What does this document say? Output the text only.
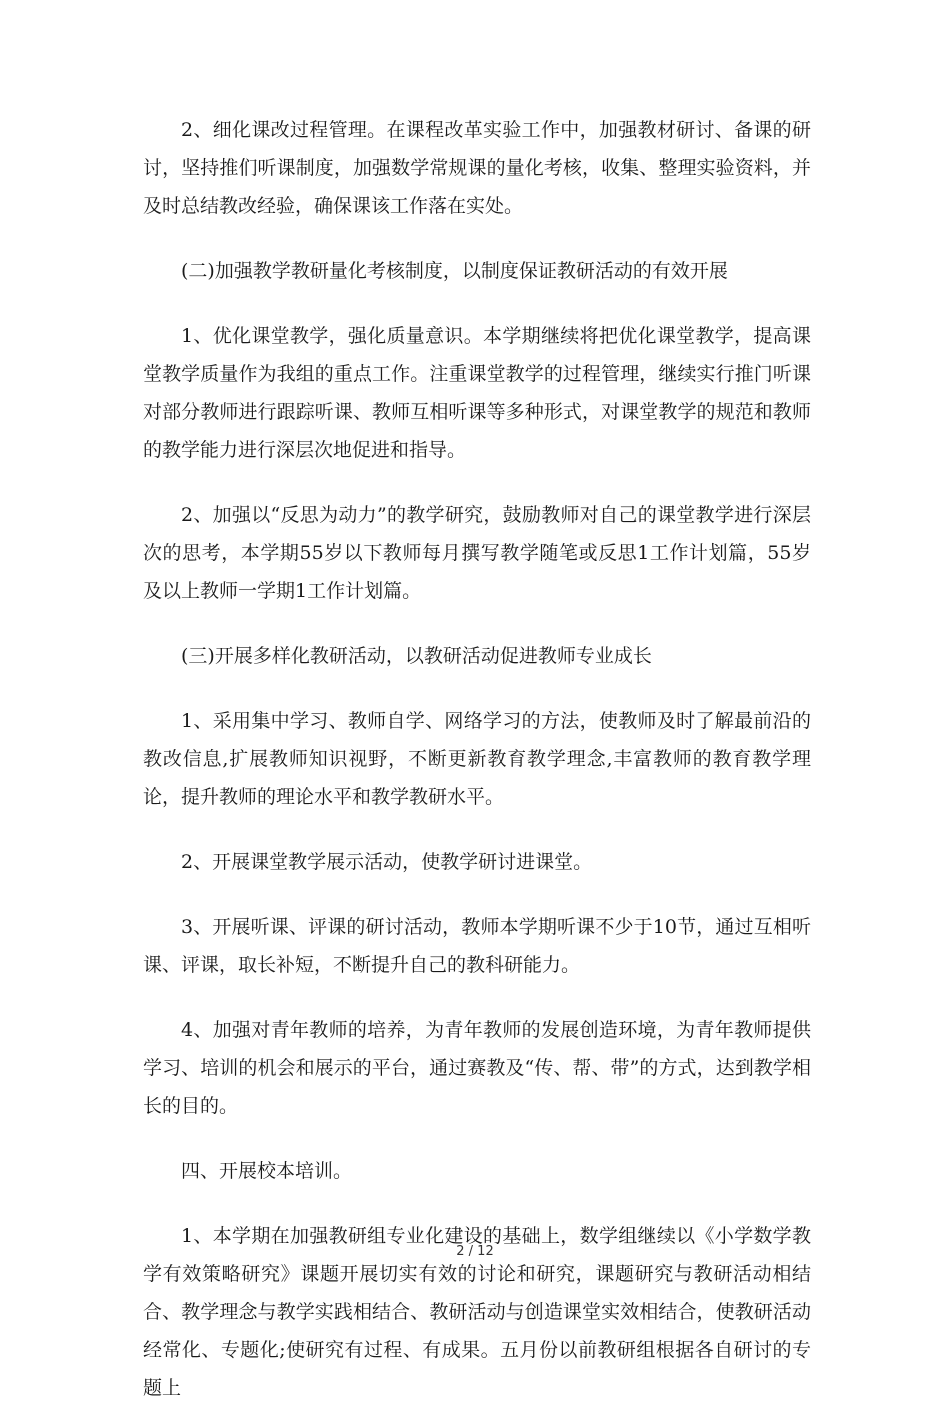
2、细化课改过程管理。在课程改革实验工作中，加强教材研讨、备课的研讨，坚持推们听课制度，加强数学常规课的量化考核，收集、整理实验资料，并及时总结教改经验，确保课该工作落在实处。

(二)加强教学教研量化考核制度，以制度保证教研活动的有效开展

1、优化课堂教学，强化质量意识。本学期继续将把优化课堂教学，提高课堂教学质量作为我组的重点工作。注重课堂教学的过程管理，继续实行推门听课对部分教师进行跟踪听课、教师互相听课等多种形式，对课堂教学的规范和教师的教学能力进行深层次地促进和指导。

2、加强以“反思为动力”的教学研究，鼓励教师对自己的课堂教学进行深层次的思考，本学期55岁以下教师每月撰写教学随笔或反思1工作计划篇，55岁及以上教师一学期1工作计划篇。

(三)开展多样化教研活动，以教研活动促进教师专业成长

1、采用集中学习、教师自学、网络学习的方法，使教师及时了解最前沿的教改信息,扩展教师知识视野，不断更新教育教学理念,丰富教师的教育教学理论，提升教师的理论水平和教学教研水平。

2、开展课堂教学展示活动，使教学研讨进课堂。

3、开展听课、评课的研讨活动，教师本学期听课不少于10节，通过互相听课、评课，取长补短，不断提升自己的教科研能力。

4、加强对青年教师的培养，为青年教师的发展创造环境，为青年教师提供学习、培训的机会和展示的平台，通过赛教及“传、帮、带”的方式，达到教学相长的目的。

四、开展校本培训。

1、本学期在加强教研组专业化建设的基础上，数学组继续以《小学数学教学有效策略研究》课题开展切实有效的讨论和研究，课题研究与教研活动相结合、教学理念与教学实践相结合、教研活动与创造课堂实效相结合，使教研活动经常化、专题化;使研究有过程、有成果。五月份以前教研组根据各自研讨的专题上

2 / 12
